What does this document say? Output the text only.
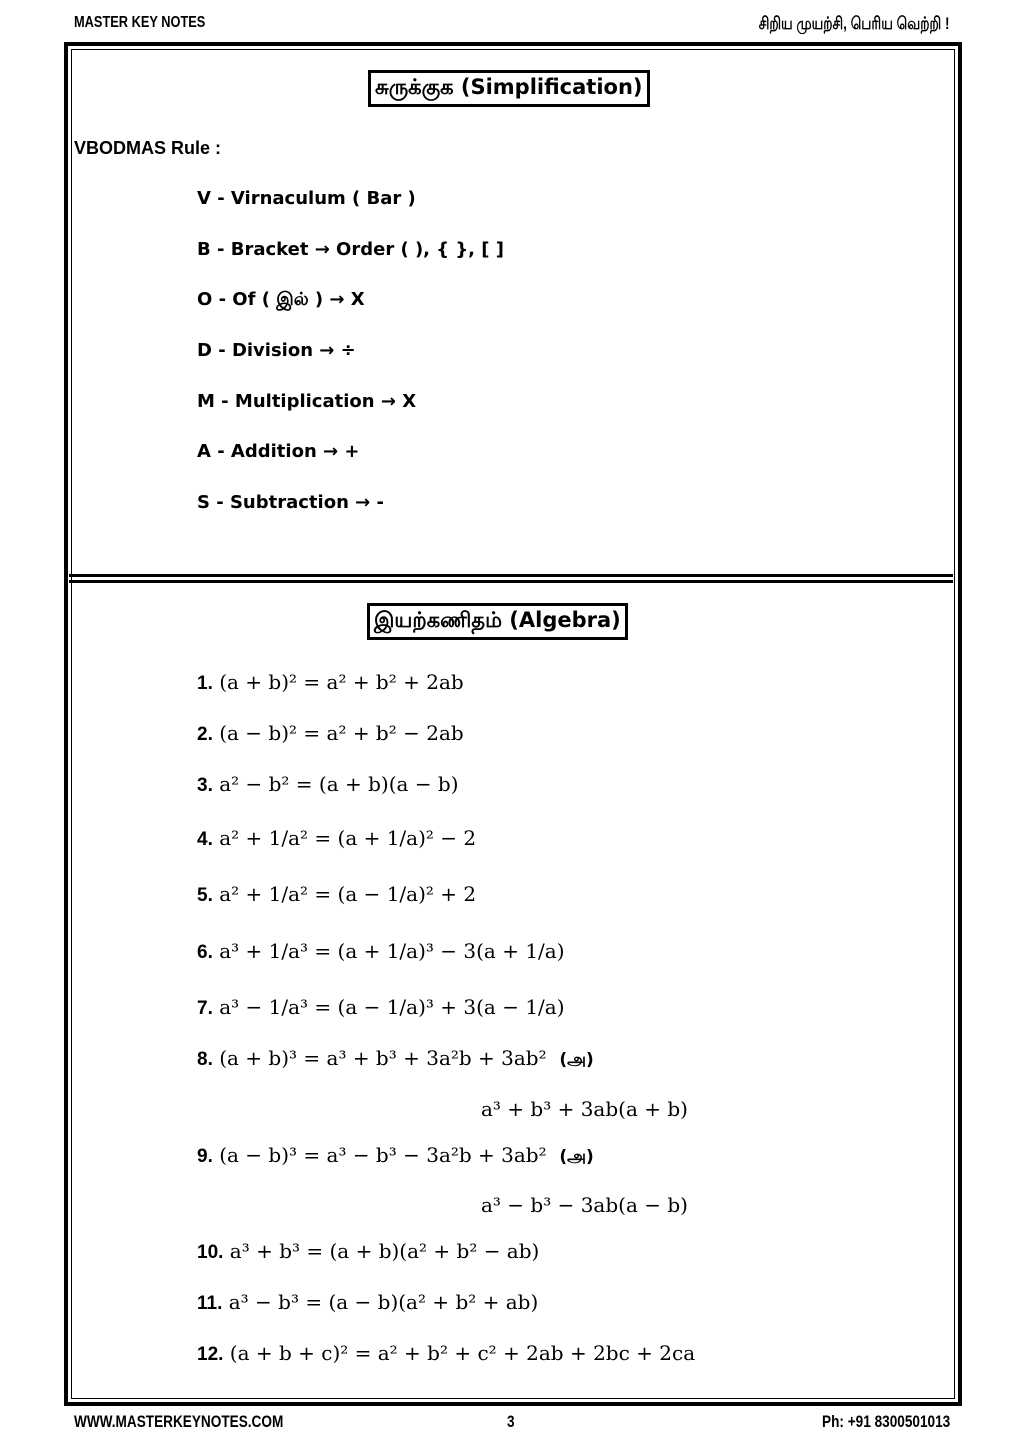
MASTER KEY NOTES	சிறிய முயற்சி, பெரிய வெற்றி !
சுருக்குக (Simplification)
VBODMAS Rule :
V - Virnaculum ( Bar )
B - Bracket → Order ( ), { }, [ ]
O - Of ( இல் ) → X
D - Division → ÷
M - Multiplication → X
A - Addition → +
S - Subtraction → -
இயற்கணிதம் (Algebra)
1. (a + b)² = a² + b² + 2ab
2. (a − b)² = a² + b² − 2ab
3. a² − b² = (a + b)(a − b)
4. a² + 1/a² = (a + 1/a)² − 2
5. a² + 1/a² = (a − 1/a)² + 2
6. a³ + 1/a³ = (a + 1/a)³ − 3(a + 1/a)
7. a³ − 1/a³ = (a − 1/a)³ + 3(a − 1/a)
8. (a + b)³ = a³ + b³ + 3a²b + 3ab² (அ)
a³ + b³ + 3ab(a + b)
9. (a − b)³ = a³ − b³ − 3a²b + 3ab² (அ)
a³ − b³ − 3ab(a − b)
10. a³ + b³ = (a + b)(a² + b² − ab)
11. a³ − b³ = (a − b)(a² + b² + ab)
12. (a + b + c)² = a² + b² + c² + 2ab + 2bc + 2ca
WWW.MASTERKEYNOTES.COM	3	Ph: +91 8300501013
